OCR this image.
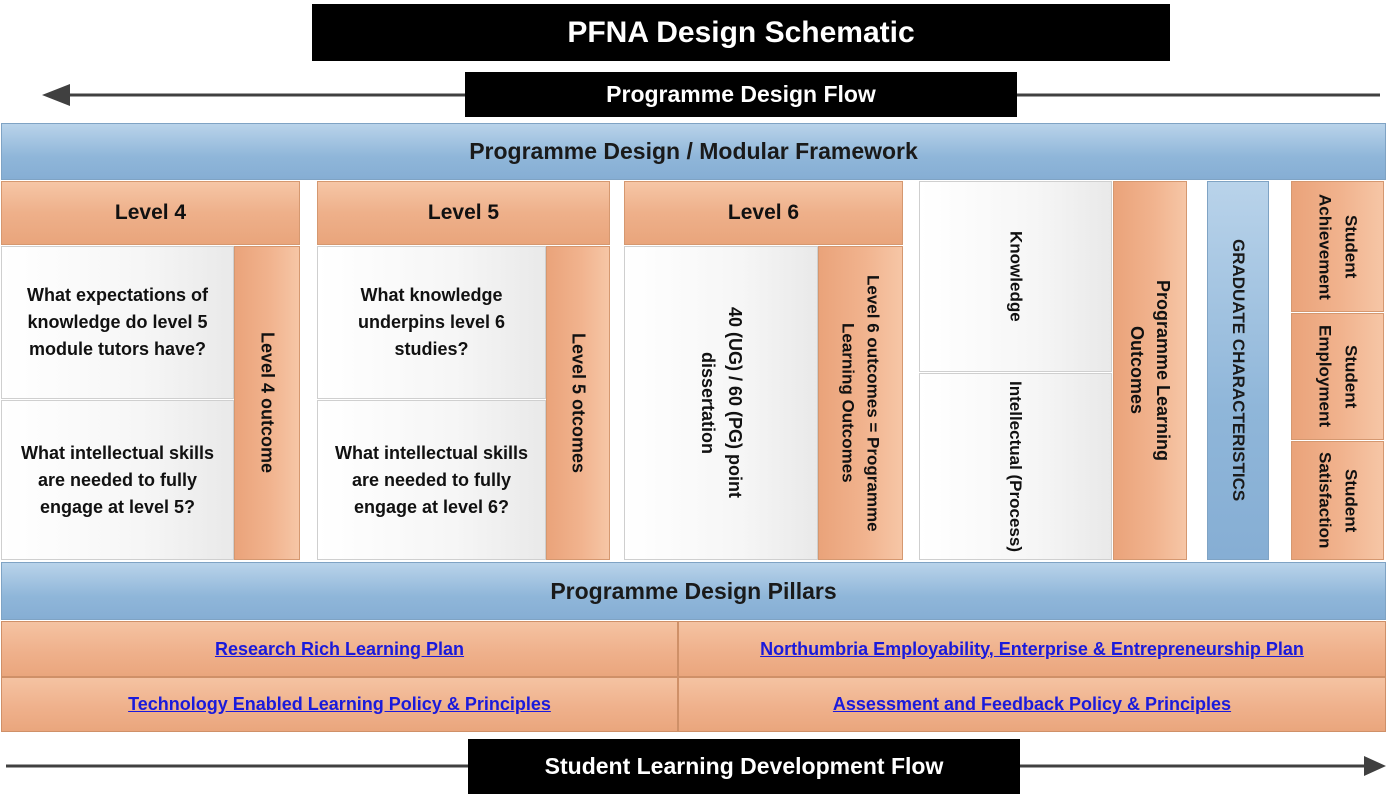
PFNA Design Schematic
Programme Design Flow
Programme Design / Modular Framework
Level 4
What expectations of knowledge do level 5 module tutors have?
What intellectual skills are needed to fully engage at level 5?
Level 4 outcome
Level 5
What knowledge underpins level 6 studies?
What intellectual skills are needed to fully engage at level 6?
Level 5 otcomes
Level 6
40 (UG) / 60 (PG) point dissertation	Level 6 outcomes = Programme Learning Outcomes
Knowledge
Intellectual (Process)
Programme Learning Outcomes	GRADUATE CHARACTERISTICS	Student Achievement
Student Employment
Student Satisfaction
Programme Design Pillars
Research Rich Learning Plan	Northumbria Employability, Enterprise & Entrepreneurship Plan
Technology Enabled Learning Policy & Principles	Assessment and Feedback Policy & Principles
Student Learning Development Flow
